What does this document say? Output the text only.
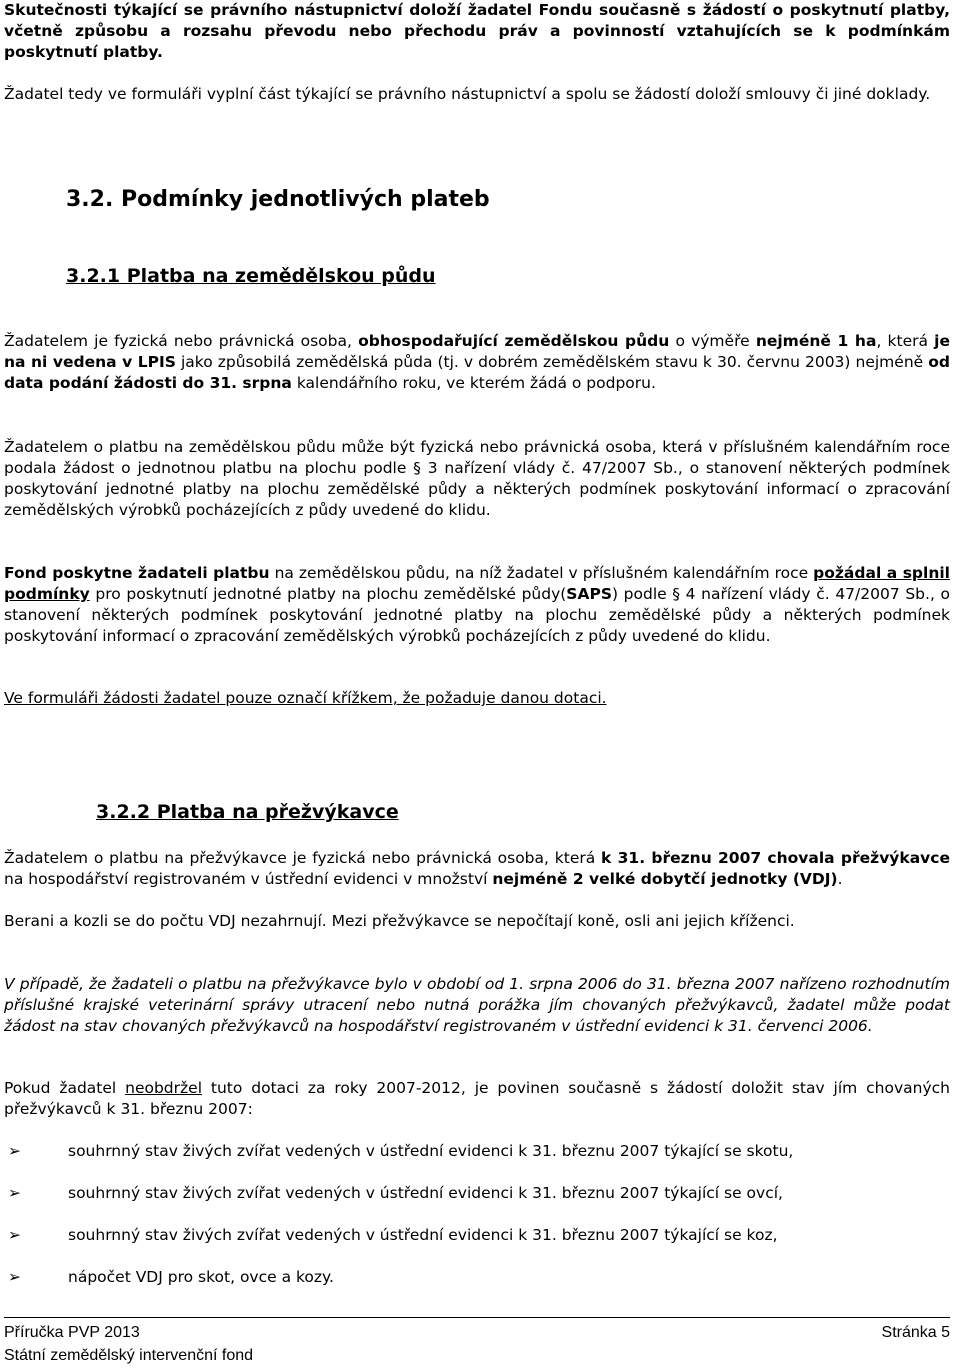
Skutečnosti týkající se právního nástupnictví doloží žadatel Fondu současně s žádostí o poskytnutí platby, včetně způsobu a rozsahu převodu nebo přechodu práv a povinností vztahujících se k podmínkám poskytnutí platby.

Žadatel tedy ve formuláři vyplní část týkající se právního nástupnictví a spolu se žádostí doloží smlouvy či jiné doklady.

3.2. Podmínky jednotlivých plateb
3.2.1 Platba na zemědělskou půdu

Žadatelem je fyzická nebo právnická osoba, obhospodařující zemědělskou půdu o výměře nejméně 1 ha, která je na ni vedena v LPIS jako způsobilá zemědělská půda (tj. v dobrém zemědělském stavu k 30. červnu 2003) nejméně od data podání žádosti do 31. srpna kalendářního roku, ve kterém žádá o podporu.

Žadatelem o platbu na zemědělskou půdu může být fyzická nebo právnická osoba, která v příslušném kalendářním roce podala žádost o jednotnou platbu na plochu podle § 3 nařízení vlády č. 47/2007 Sb., o stanovení některých podmínek poskytování jednotné platby na plochu zemědělské půdy a některých podmínek poskytování informací o zpracování zemědělských výrobků pocházejících z půdy uvedené do klidu.

Fond poskytne žadateli platbu na zemědělskou půdu, na níž žadatel v příslušném kalendářním roce požádal a splnil podmínky pro poskytnutí jednotné platby na plochu zemědělské půdy(SAPS) podle § 4 nařízení vlády č. 47/2007 Sb., o stanovení některých podmínek poskytování jednotné platby na plochu zemědělské půdy a některých podmínek poskytování informací o zpracování zemědělských výrobků pocházejících z půdy uvedené do klidu.

Ve formuláři žádosti žadatel pouze označí křížkem, že požaduje danou dotaci.

3.2.2 Platba na přežvýkavce

Žadatelem o platbu na přežvýkavce je fyzická nebo právnická osoba, která k 31. březnu 2007 chovala přežvýkavce na hospodářství registrovaném v ústřední evidenci v množství nejméně 2 velké dobytčí jednotky (VDJ).

Berani a kozli se do počtu VDJ nezahrnují. Mezi přežvýkavce se nepočítají koně, osli ani jejich kříženci.

V případě, že žadateli o platbu na přežvýkavce bylo v období od 1. srpna 2006 do 31. března 2007 nařízeno rozhodnutím příslušné krajské veterinární správy utracení nebo nutná porážka jím chovaných přežvýkavců, žadatel může podat žádost na stav chovaných přežvýkavců na hospodářství registrovaném v ústřední evidenci k 31. červenci 2006.

Pokud žadatel neobdržel tuto dotaci za roky 2007-2012, je povinen současně s žádostí doložit stav jím chovaných přežvýkavců k 31. březnu 2007:

➢	souhrnný stav živých zvířat vedených v ústřední evidenci k 31. březnu 2007 týkající se skotu,
➢	souhrnný stav živých zvířat vedených v ústřední evidenci k 31. březnu 2007 týkající se ovcí,
➢	souhrnný stav živých zvířat vedených v ústřední evidenci k 31. březnu 2007 týkající se koz,
➢	nápočet VDJ pro skot, ovce a kozy.
Příručka PVP 2013
Státní zemědělský intervenční fond
Stránka 5
